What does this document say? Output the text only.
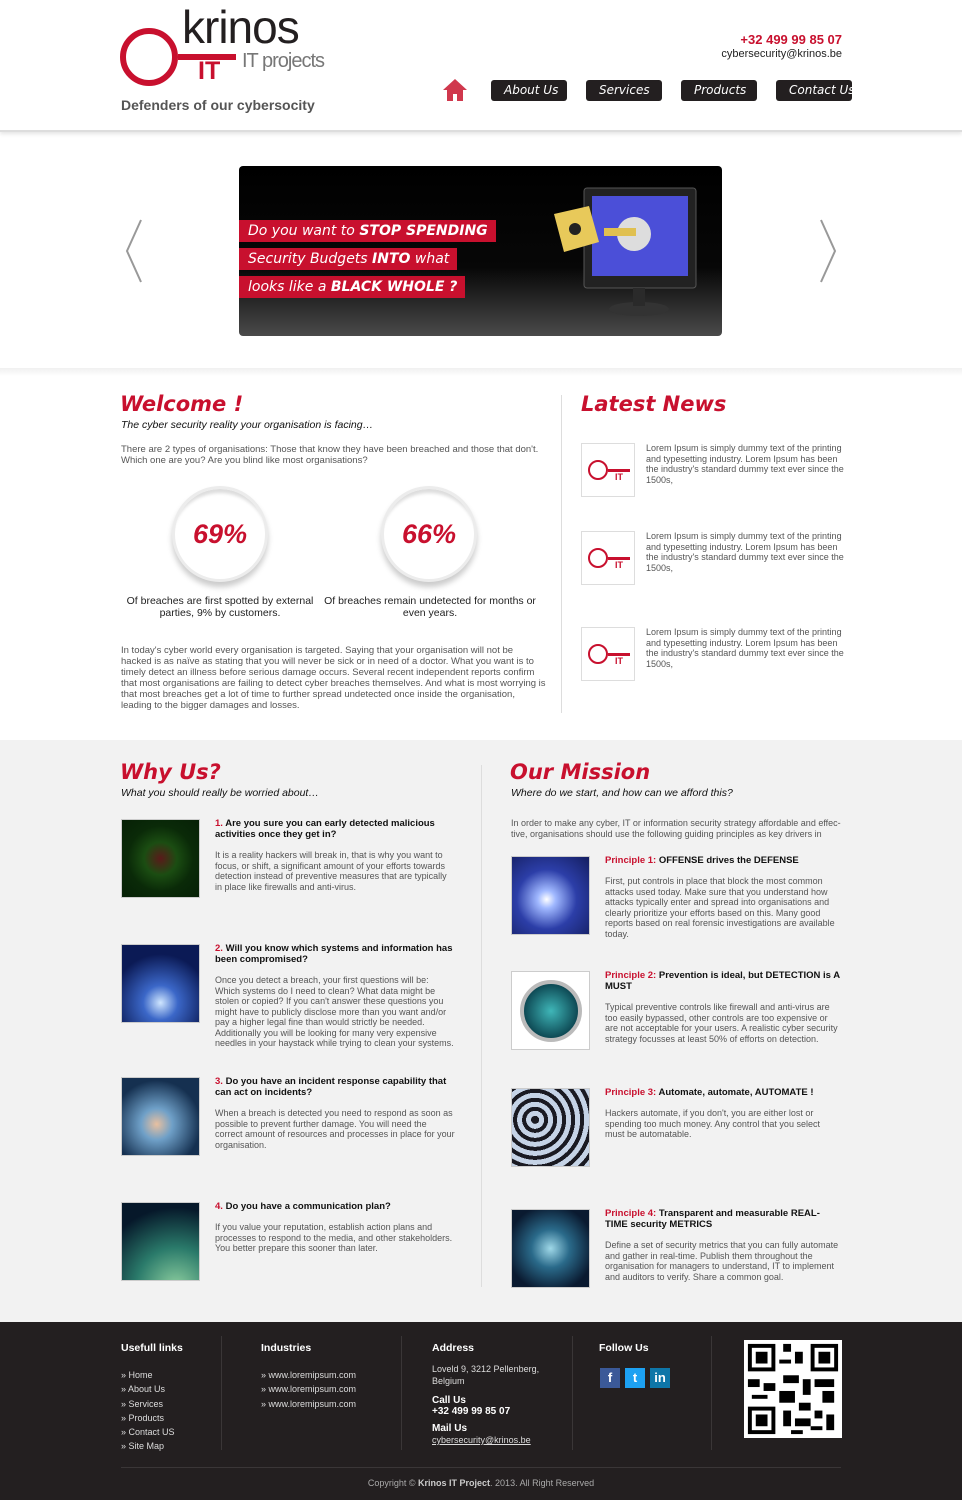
IT
krinos
IT projects
Defenders of our cybersocity
+32 499 99 85 07
cybersecurity@krinos.be
About Us	Services	Products	Contact Us
Do you want to STOP SPENDING
Security Budgets INTO what
looks like a BLACK WHOLE ?
Welcome !
The cyber security reality your organisation is facing…
There are 2 types of organisations: Those that know they have been breached and those that don't. Which one are you? Are you blind like most organisations?
69%
Of breaches are first spotted by external parties, 9% by customers.
66%
Of breaches remain undetected for months or even years.
In today's cyber world every organisation is targeted. Saying that your organisation will not be hacked is as naïve as stating that you will never be sick or in need of a doctor. What you want is to timely detect an illness before serious damage occurs. Several recent independent reports confirm that most organisations are failing to detect cyber breaches themselves. And what is most worrying is that most breaches get a lot of time to further spread undetected once inside the organisation, leading to the bigger damages and losses.
Latest News
IT
Lorem Ipsum is simply dummy text of the printing and typesetting industry. Lorem Ipsum has been the industry's standard dummy text ever since the 1500s,
IT
Lorem Ipsum is simply dummy text of the printing and typesetting industry. Lorem Ipsum has been the industry's standard dummy text ever since the 1500s,
IT
Lorem Ipsum is simply dummy text of the printing and typesetting industry. Lorem Ipsum has been the industry's standard dummy text ever since the 1500s,
Why Us?
What you should really be worried about…
1. Are you sure you can early detected malicious activities once they get in?
It is a reality hackers will break in, that is why you want to focus, or shift, a significant amount of your efforts towards detection instead of preventive measures that are typically in place like firewalls and anti-virus.
2. Will you know which systems and information has been compromised?
Once you detect a breach, your first questions will be: Which systems do I need to clean? What data might be stolen or copied? If you can't answer these questions you might have to publicly disclose more than you want and/or pay a higher legal fine than would strictly be needed. Additionally you will be looking for many very expensive needles in your haystack while trying to clean your systems.
3. Do you have an incident response capability that can act on incidents?
When a breach is detected you need to respond as soon as possible to prevent further damage. You will need the correct amount of resources and processes in place for your organisation.
4. Do you have a communication plan?
If you value your reputation, establish action plans and processes to respond to the media, and other stakeholders. You better prepare this sooner than later.
Our Mission
Where do we start, and how can we afford this?
In order to make any cyber, IT or information security strategy affordable and effec-tive, organisations should use the following guiding principles as key drivers in
Principle 1: OFFENSE drives the DEFENSE
First, put controls in place that block the most common attacks used today. Make sure that you understand how attacks typically enter and spread into organisations and clearly prioritize your efforts based on this. Many good reports based on real forensic investigations are available today.
Principle 2: Prevention is ideal, but DETECTION is A MUST
Typical preventive controls like firewall and anti-virus are too easily bypassed, other controls are too expensive or are not acceptable for your users. A realistic cyber security strategy focusses at least 50% of efforts on detection.
Principle 3: Automate, automate, AUTOMATE !
Hackers automate, if you don't, you are either lost or spending too much money. Any control that you select must be automatable.
Principle 4: Transparent and measurable REAL-TIME security METRICS
Define a set of security metrics that you can fully automate and gather in real-time. Publish them throughout the organisation for managers to understand, IT to implement and auditors to verify. Share a common goal.
Usefull links
» Home
» About Us
» Services
» Products
» Contact US
» Site Map
Industries
» www.loremipsum.com
» www.loremipsum.com
» www.loremipsum.com
Address
Loveld 9, 3212 Pellenberg, Belgium
Call Us
+32 499 99 85 07
Mail Us
cybersecurity@krinos.be
Follow Us
f t in
Copyright © Krinos IT Project. 2013. All Right Reserved
